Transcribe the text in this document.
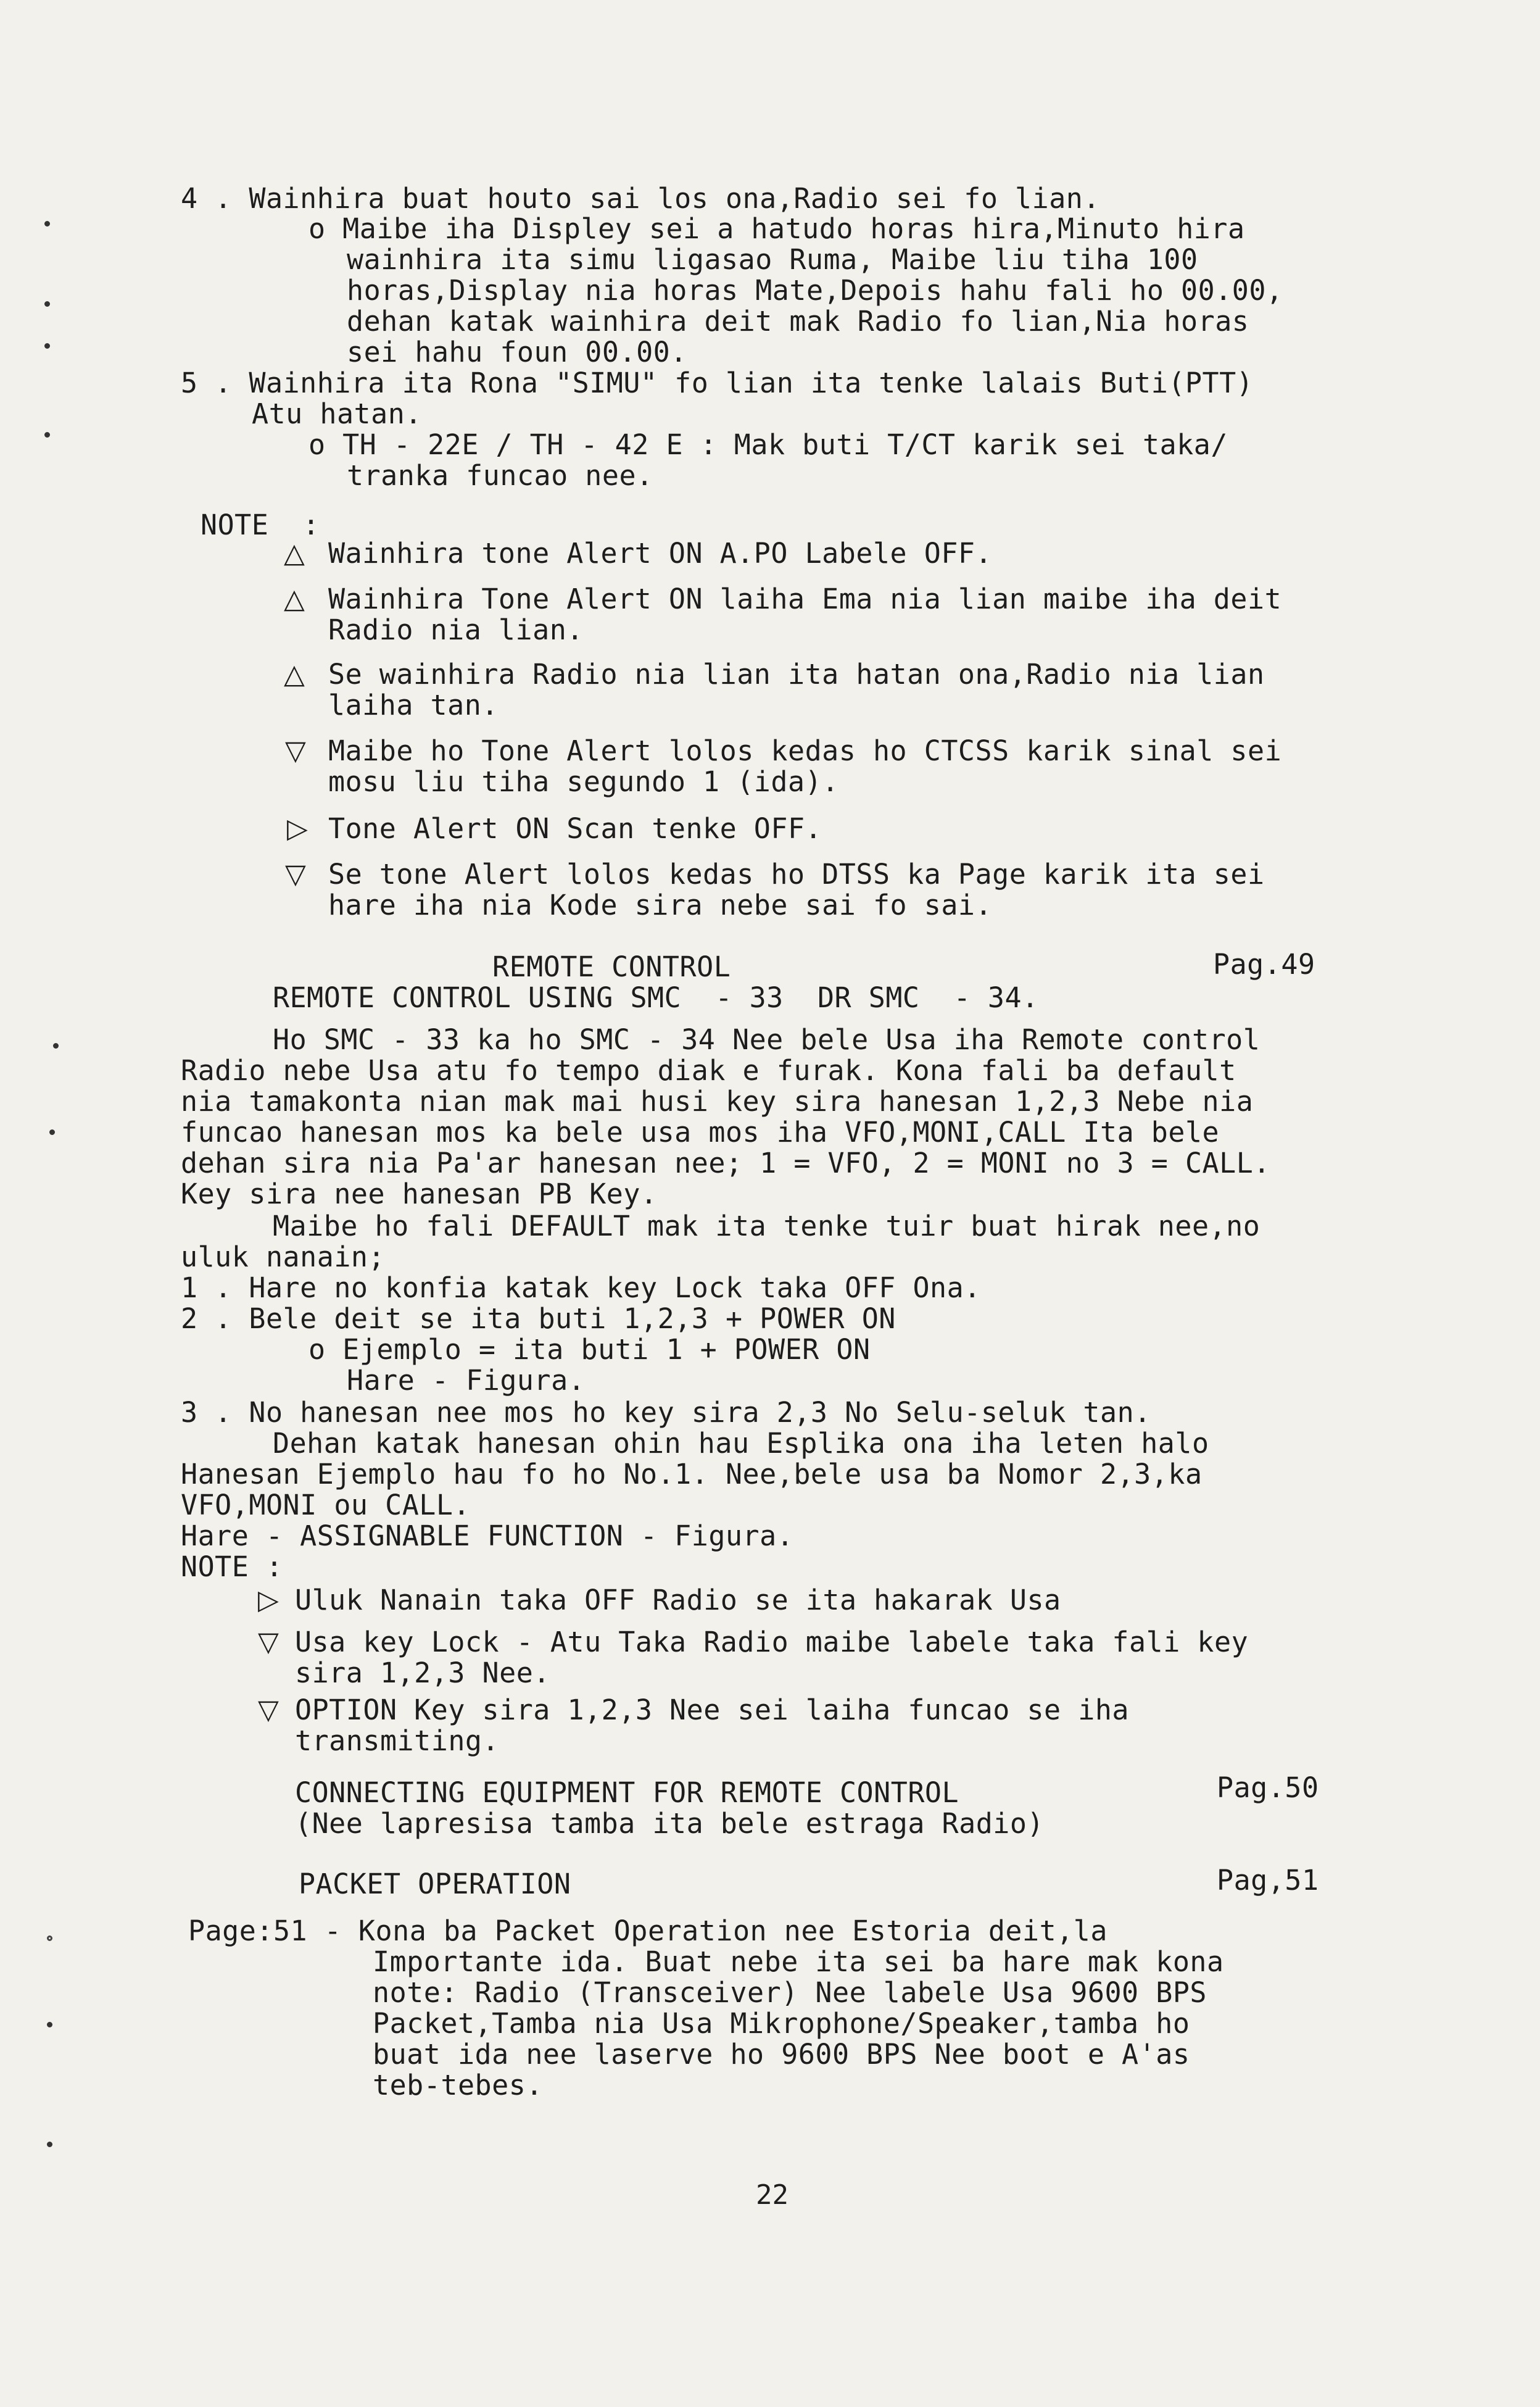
4 . Wainhira buat houto sai los ona,Radio sei fo lian.
o Maibe iha Displey sei a hatudo horas hira,Minuto hira
wainhira ita simu ligasao Ruma, Maibe liu tiha 100
horas,Display nia horas Mate,Depois hahu fali ho 00.00,
dehan katak wainhira deit mak Radio fo lian,Nia horas
sei hahu foun 00.00.
5 . Wainhira ita Rona "SIMU" fo lian ita tenke lalais Buti(PTT)
Atu hatan.
o TH - 22E / TH - 42 E : Mak buti T/CT karik sei taka/
tranka funcao nee.
NOTE  :
△ Wainhira tone Alert ON A.PO Labele OFF.
△ Wainhira Tone Alert ON laiha Ema nia lian maibe iha deit
Radio nia lian.
△ Se wainhira Radio nia lian ita hatan ona,Radio nia lian
laiha tan.
▽ Maibe ho Tone Alert lolos kedas ho CTCSS karik sinal sei
mosu liu tiha segundo 1 (ida).
▷ Tone Alert ON Scan tenke OFF.
▽ Se tone Alert lolos kedas ho DTSS ka Page karik ita sei
hare iha nia Kode sira nebe sai fo sai.
REMOTE CONTROL	Pag.49
REMOTE CONTROL USING SMC  - 33  DR SMC  - 34.
Ho SMC - 33 ka ho SMC - 34 Nee bele Usa iha Remote control
Radio nebe Usa atu fo tempo diak e furak. Kona fali ba default
nia tamakonta nian mak mai husi key sira hanesan 1,2,3 Nebe nia
funcao hanesan mos ka bele usa mos iha VFO,MONI,CALL Ita bele
dehan sira nia Pa'ar hanesan nee; 1 = VFO, 2 = MONI no 3 = CALL.
Key sira nee hanesan PB Key.
Maibe ho fali DEFAULT mak ita tenke tuir buat hirak nee,no
uluk nanain;
1 . Hare no konfia katak key Lock taka OFF Ona.
2 . Bele deit se ita buti 1,2,3 + POWER ON
o Ejemplo = ita buti 1 + POWER ON
Hare - Figura.
3 . No hanesan nee mos ho key sira 2,3 No Selu-seluk tan.
Dehan katak hanesan ohin hau Esplika ona iha leten halo
Hanesan Ejemplo hau fo ho No.1. Nee,bele usa ba Nomor 2,3,ka
VFO,MONI ou CALL.
Hare - ASSIGNABLE FUNCTION - Figura.
NOTE :
▷ Uluk Nanain taka OFF Radio se ita hakarak Usa
▽ Usa key Lock - Atu Taka Radio maibe labele taka fali key
sira 1,2,3 Nee.
▽ OPTION Key sira 1,2,3 Nee sei laiha funcao se iha
transmiting.
CONNECTING EQUIPMENT FOR REMOTE CONTROL	Pag.50
(Nee lapresisa tamba ita bele estraga Radio)
PACKET OPERATION	Pag,51
Page:51 - Kona ba Packet Operation nee Estoria deit,la
Importante ida. Buat nebe ita sei ba hare mak kona
note: Radio (Transceiver) Nee labele Usa 9600 BPS
Packet,Tamba nia Usa Mikrophone/Speaker,tamba ho
buat ida nee laserve ho 9600 BPS Nee boot e A'as
teb-tebes.
22
